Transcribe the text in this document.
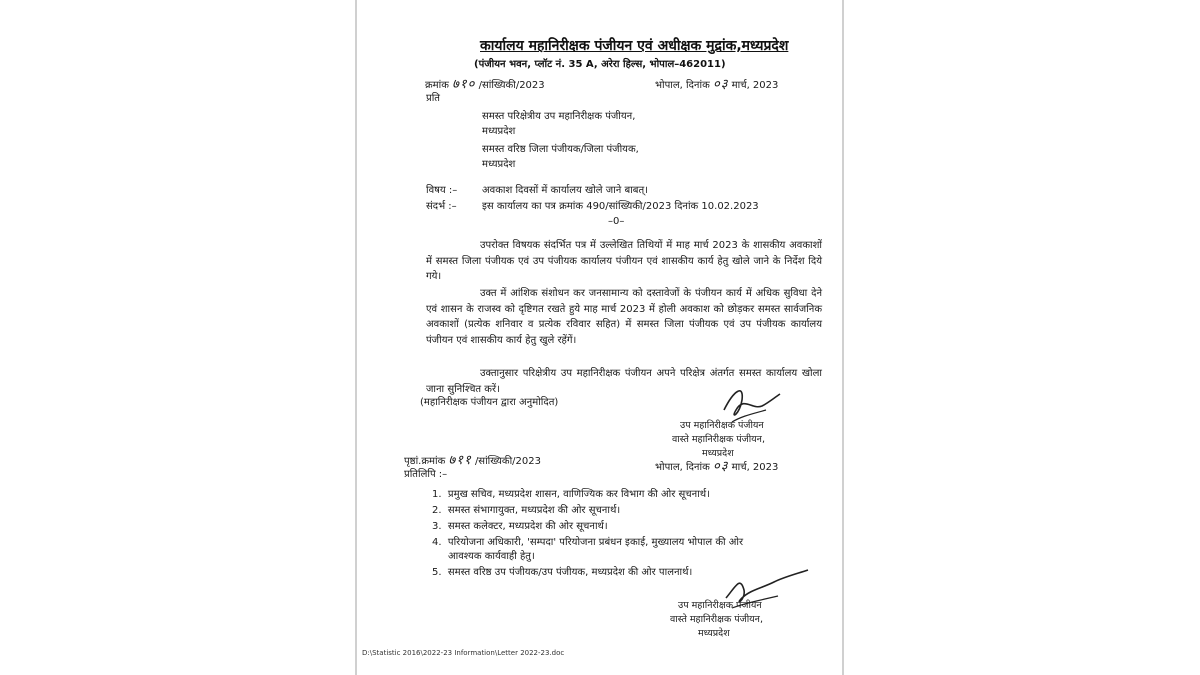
कार्यालय महानिरीक्षक पंजीयन एवं अधीक्षक मुद्रांक,मध्यप्रदेश
(पंजीयन भवन, प्लॉट नं. 35 A, अरेरा हिल्स, भोपाल–462011)
क्रमांक ७१० /सांख्यिकी/2023	भोपाल, दिनांक ०३ मार्च, 2023
प्रति
समस्त परिक्षेत्रीय उप महानिरीक्षक पंजीयन,
मध्यप्रदेश
समस्त वरिष्ठ जिला पंजीयक/जिला पंजीयक,
मध्यप्रदेश
विषय :– अवकाश दिवसों में कार्यालय खोले जाने बाबत्।
संदर्भ :–	इस कार्यालय का पत्र क्रमांक 490/सांख्यिकी/2023 दिनांक 10.02.2023
–0–
उपरोक्त विषयक संदर्भित पत्र में उल्लेखित तिथियों में माह मार्च 2023 के शासकीय अवकाशों में समस्त जिला पंजीयक एवं उप पंजीयक कार्यालय पंजीयन एवं शासकीय कार्य हेतु खोले जाने के निर्देश दिये गये।
उक्त में आंशिक संशोधन कर जनसामान्य को दस्तावेजों के पंजीयन कार्य में अधिक सुविधा देने एवं शासन के राजस्व को दृष्टिगत रखते हुये माह मार्च 2023 में होली अवकाश को छोड़कर समस्त सार्वजनिक अवकाशों (प्रत्येक शनिवार व प्रत्येक रविवार सहित) में समस्त जिला पंजीयक एवं उप पंजीयक कार्यालय पंजीयन एवं शासकीय कार्य हेतु खुले रहेंगें।
उक्तानुसार परिक्षेत्रीय उप महानिरीक्षक पंजीयन अपने परिक्षेत्र अंतर्गत समस्त कार्यालय खोला जाना सुनिश्चित करें।
(महानिरीक्षक पंजीयन द्वारा अनुमोदित)
उप महानिरीक्षक पंजीयन
वास्ते महानिरीक्षक पंजीयन,
मध्यप्रदेश
पृष्ठां.क्रमांक ७११ /सांख्यिकी/2023
भोपाल, दिनांक ०३ मार्च, 2023
प्रतिलिपि :–
1. प्रमुख सचिव, मध्यप्रदेश शासन, वाणिज्यिक कर विभाग की ओर सूचनार्थ।
2. समस्त संभागायुक्त, मध्यप्रदेश की ओर सूचनार्थ।
3. समस्त कलेक्टर, मध्यप्रदेश की ओर सूचनार्थ।
4. परियोजना अधिकारी, 'सम्पदा' परियोजना प्रबंधन इकाई, मुख्यालय भोपाल की ओर
आवश्यक कार्यवाही हेतु।
5. समस्त वरिष्ठ उप पंजीयक/उप पंजीयक, मध्यप्रदेश की ओर पालनार्थ।
उप महानिरीक्षक पंजीयन
वास्ते महानिरीक्षक पंजीयन,
मध्यप्रदेश
D:\Statistic 2016\2022-23 Information\Letter 2022-23.doc
